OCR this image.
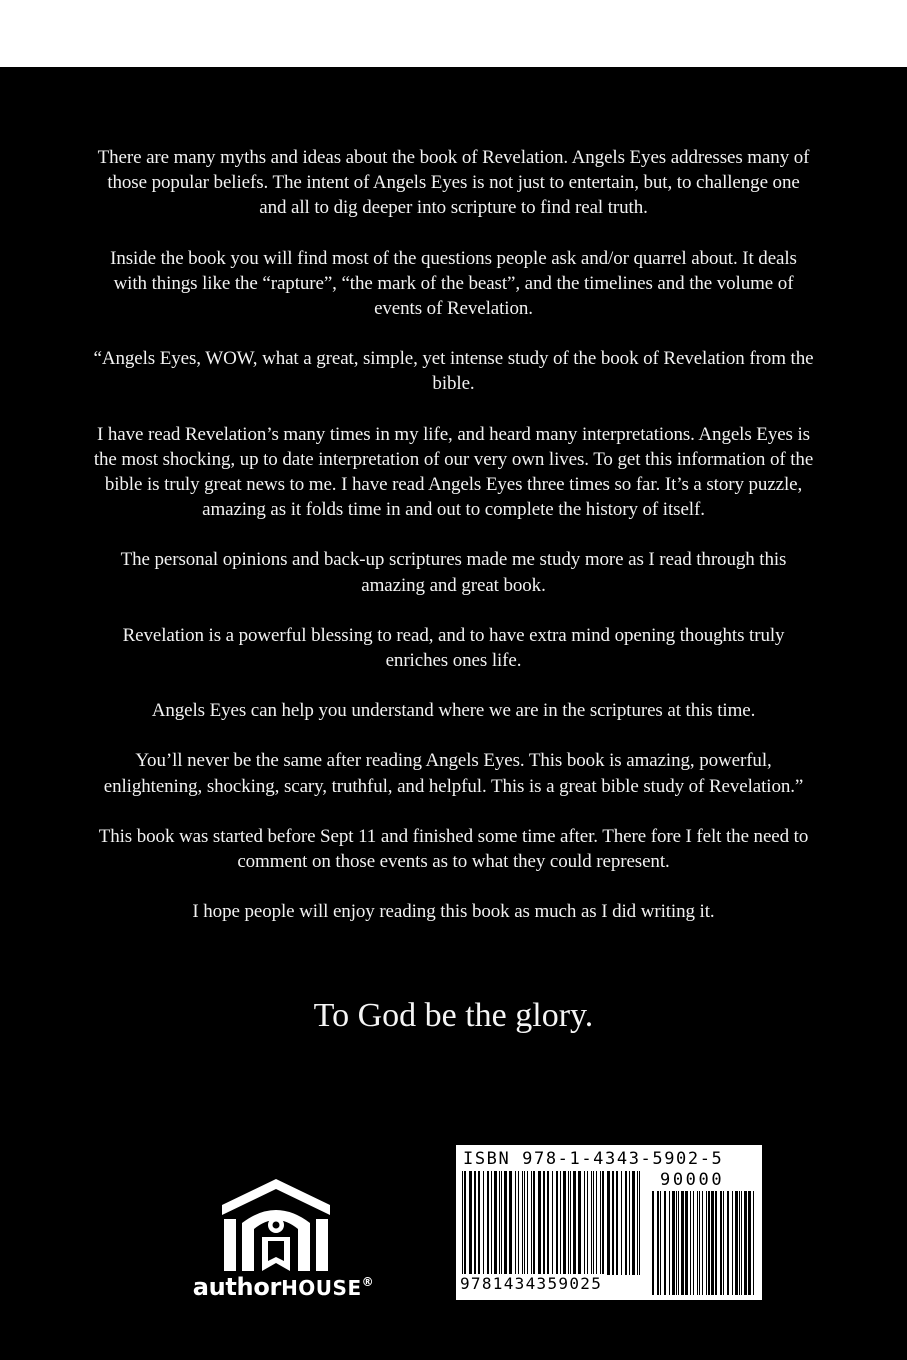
There are many myths and ideas about the book of Revelation. Angels Eyes addresses many of those popular beliefs. The intent of Angels Eyes is not just to entertain, but, to challenge one and all to dig deeper into scripture to find real truth.

Inside the book you will find most of the questions people ask and/or quarrel about. It deals with things like the “rapture”, “the mark of the beast”, and the timelines and the volume of events of Revelation.

“Angels Eyes, WOW, what a great, simple, yet intense study of the book of Revelation from the bible.

I have read Revelation’s many times in my life, and heard many interpretations. Angels Eyes is the most shocking, up to date interpretation of our very own lives. To get this information of the bible is truly great news to me. I have read Angels Eyes three times so far. It’s a story puzzle, amazing as it folds time in and out to complete the history of itself.

The personal opinions and back-up scriptures made me study more as I read through this amazing and great book.

Revelation is a powerful blessing to read, and to have extra mind opening thoughts truly enriches ones life.

Angels Eyes can help you understand where we are in the scriptures at this time.

You’ll never be the same after reading Angels Eyes. This book is amazing, powerful, enlightening, shocking, scary, truthful, and helpful. This is a great bible study of Revelation.”

This book was started before Sept 11 and finished some time after. There fore I felt the need to comment on those events as to what they could represent.

I hope people will enjoy reading this book as much as I did writing it.

To God be the glory.
authorHOUSE®
ISBN 978-1-4343-5902-5
90000
9781434359025
